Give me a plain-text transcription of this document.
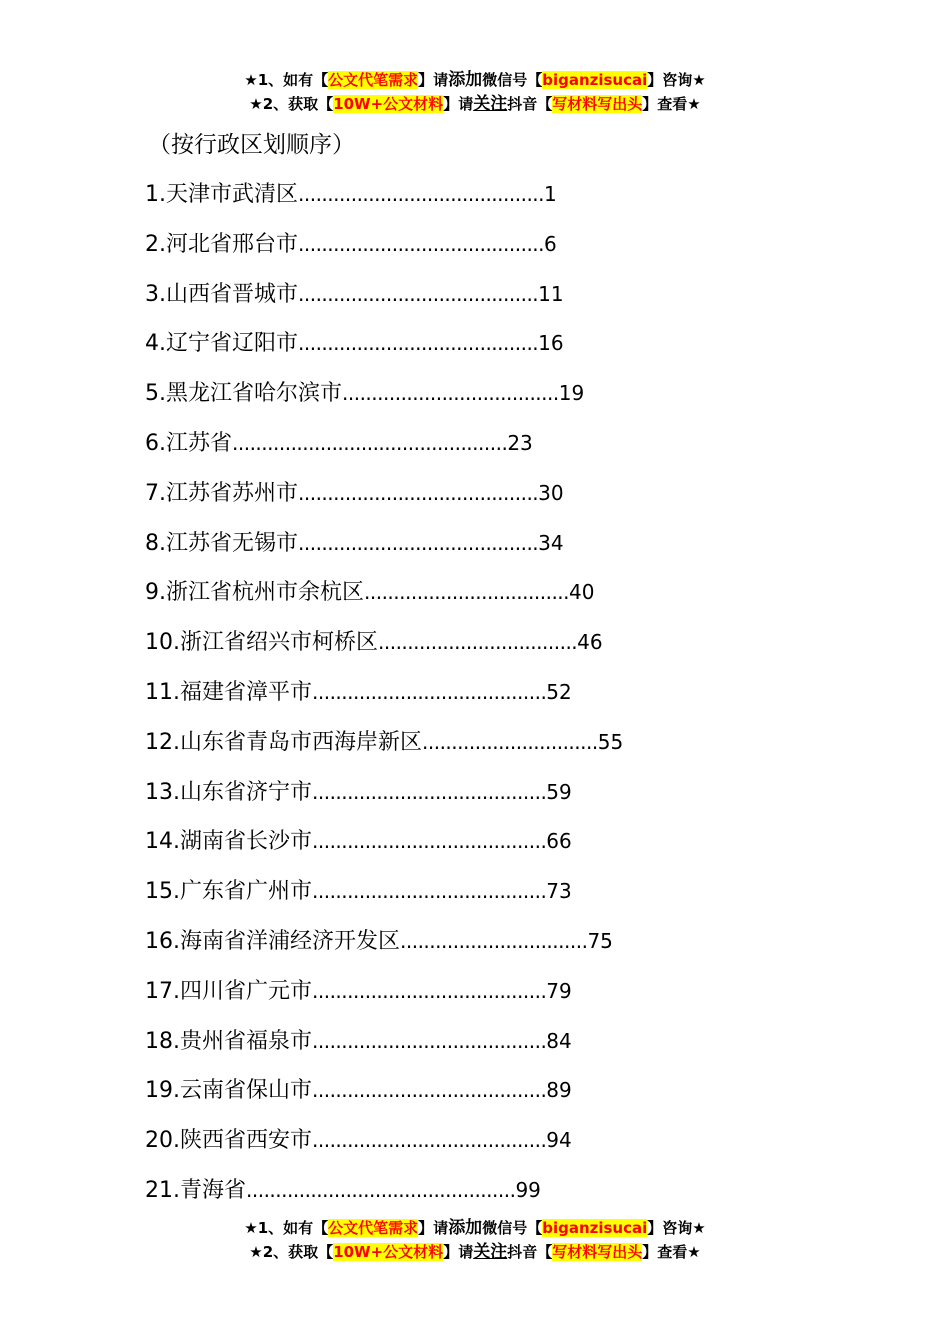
★1、如有【公文代笔需求】请添加微信号【biganzisucai】咨询★
★2、获取【10W+公文材料】请关注抖音【写材料写出头】查看★
（按行政区划顺序）
1.天津市武清区..........................................1
2.河北省邢台市..........................................6
3.山西省晋城市.........................................11
4.辽宁省辽阳市.........................................16
5.黑龙江省哈尔滨市.....................................19
6.江苏省...............................................23
7.江苏省苏州市.........................................30
8.江苏省无锡市.........................................34
9.浙江省杭州市余杭区...................................40
10.浙江省绍兴市柯桥区..................................46
11.福建省漳平市........................................52
12.山东省青岛市西海岸新区..............................55
13.山东省济宁市........................................59
14.湖南省长沙市........................................66
15.广东省广州市........................................73
16.海南省洋浦经济开发区................................75
17.四川省广元市........................................79
18.贵州省福泉市........................................84
19.云南省保山市........................................89
20.陕西省西安市........................................94
21.青海省..............................................99
★1、如有【公文代笔需求】请添加微信号【biganzisucai】咨询★
★2、获取【10W+公文材料】请关注抖音【写材料写出头】查看★
